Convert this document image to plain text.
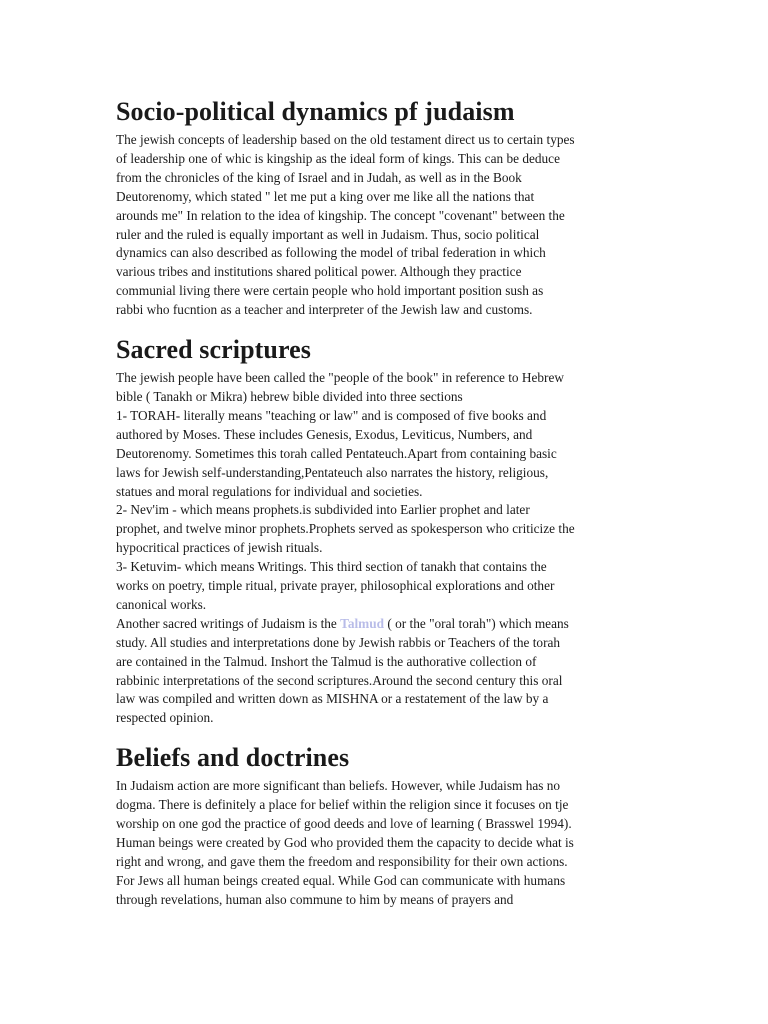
Socio-political dynamics pf judaism
The jewish concepts of leadership based on the old testament direct us to certain types
of leadership one of whic is kingship as the ideal form of kings. This can be deduce
from the chronicles of the king of Israel and in Judah, as well as in the Book
Deutorenomy, which stated " let me put a king over me like all the nations that
arounds me" In relation to the idea of kingship. The concept "covenant" between the
ruler and the ruled is equally important as well in Judaism. Thus, socio political
dynamics can also described as following the model of tribal federation in which
various tribes and institutions shared political power. Although they practice
communial living there were certain people who hold important position sush as
rabbi who fucntion as a teacher and interpreter of the Jewish law and customs.
Sacred scriptures
The jewish people have been called the "people of the book" in reference to Hebrew
bible ( Tanakh or Mikra) hebrew bible divided into three sections
1- TORAH- literally means "teaching or law" and is composed of five books and
authored by Moses. These includes Genesis, Exodus, Leviticus, Numbers, and
Deutorenomy. Sometimes this torah called Pentateuch.Apart from containing basic
laws for Jewish self-understanding,Pentateuch also narrates the history, religious,
statues and moral regulations for individual and societies.
2- Nev'im - which means prophets.is subdivided into Earlier prophet and later
prophet, and twelve minor prophets.Prophets served as spokesperson who criticize the
hypocritical practices of jewish rituals.
3- Ketuvim- which means Writings. This third section of tanakh that contains the
works on poetry, timple ritual, private prayer, philosophical explorations and other
canonical works.
Another sacred writings of Judaism is the Talmud ( or the "oral torah") which means
study. All studies and interpretations done by Jewish rabbis or Teachers of the torah
are contained in the Talmud. Inshort the Talmud is the authorative collection of
rabbinic interpretations of the second scriptures.Around the second century this oral
law was compiled and written down as MISHNA or a restatement of the law by a
respected opinion.
Beliefs and doctrines
In Judaism action are more significant than beliefs. However, while Judaism has no
dogma. There is definitely a place for belief within the religion since it focuses on tje
worship on one god the practice of good deeds and love of learning ( Brasswel 1994).
Human beings were created by God who provided them the capacity to decide what is
right and wrong, and gave them the freedom and responsibility for their own actions.
For Jews all human beings created equal. While God can communicate with humans
through revelations, human also commune to him by means of prayers and
